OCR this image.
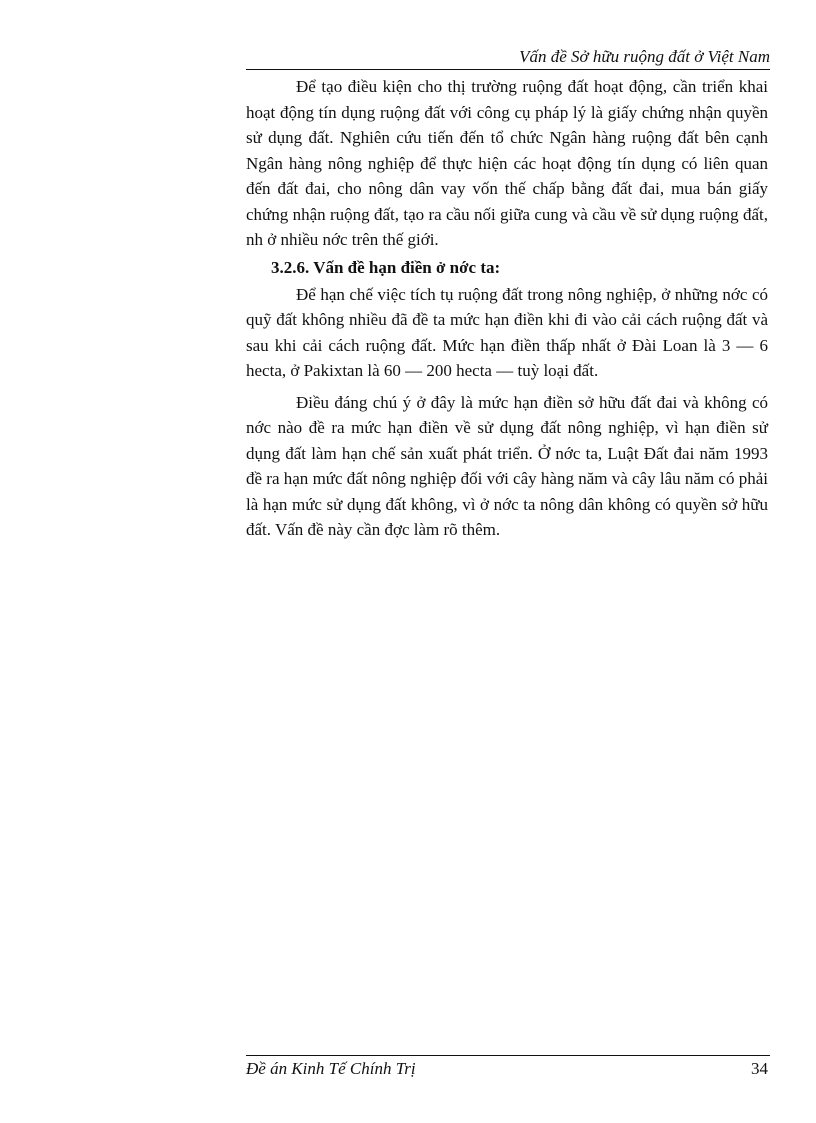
Vấn đề Sở hữu ruộng đất ở Việt Nam

Để tạo điều kiện cho thị trường ruộng đất hoạt động, cần triển khai hoạt động tín dụng ruộng đất với công cụ pháp lý là giấy chứng nhận quyền sử dụng đất. Nghiên cứu tiến đến tổ chức Ngân hàng ruộng đất bên cạnh Ngân hàng nông nghiệp để thực hiện các hoạt động tín dụng có liên quan đến đất đai, cho nông dân vay vốn thế chấp bằng đất đai, mua bán giấy chứng nhận ruộng đất, tạo ra cầu nối giữa cung và cầu về sử dụng ruộng đất, nh ở nhiều nớc trên thế giới.

3.2.6. Vấn đề hạn điền ở nớc ta:

Để hạn chế việc tích tụ ruộng đất trong nông nghiệp, ở những nớc có quỹ đất không nhiều đã đề ta mức hạn điền khi đi vào cải cách ruộng đất và sau khi cải cách ruộng đất. Mức hạn điền thấp nhất ở Đài Loan là 3 — 6 hecta, ở Pakixtan là 60 — 200 hecta — tuỳ loại đất.

Điều đáng chú ý ở đây là mức hạn điền sở hữu đất đai và không có nớc nào đề ra mức hạn điền về sử dụng đất nông nghiệp, vì hạn điền sử dụng đất làm hạn chế sản xuất phát triển. Ở nớc ta, Luật Đất đai năm 1993 đề ra hạn mức đất nông nghiệp đối với cây hàng năm và cây lâu năm có phải là hạn mức sử dụng đất không, vì ở nớc ta nông dân không có quyền sở hữu đất. Vấn đề này cần đợc làm rõ thêm.

Đề án Kinh Tế Chính Trị	34
